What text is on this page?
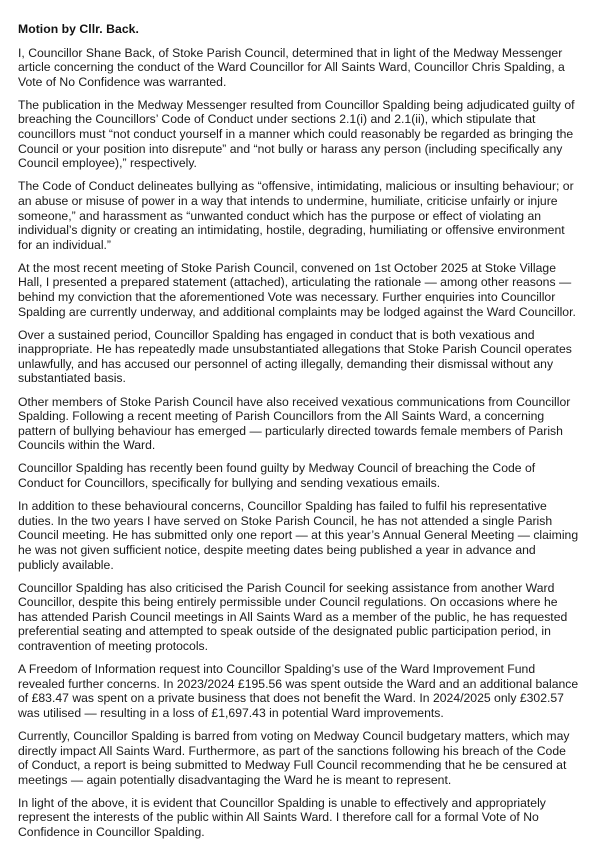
Motion by Cllr. Back.

I, Councillor Shane Back, of Stoke Parish Council, determined that in light of the Medway Messenger article concerning the conduct of the Ward Councillor for All Saints Ward, Councillor Chris Spalding, a Vote of No Confidence was warranted.

The publication in the Medway Messenger resulted from Councillor Spalding being adjudicated guilty of breaching the Councillors’ Code of Conduct under sections 2.1(i) and 2.1(ii), which stipulate that councillors must “not conduct yourself in a manner which could reasonably be regarded as bringing the Council or your position into disrepute” and “not bully or harass any person (including specifically any Council employee),” respectively.

The Code of Conduct delineates bullying as “offensive, intimidating, malicious or insulting behaviour; or an abuse or misuse of power in a way that intends to undermine, humiliate, criticise unfairly or injure someone,” and harassment as “unwanted conduct which has the purpose or effect of violating an individual’s dignity or creating an intimidating, hostile, degrading, humiliating or offensive environment for an individual.”

At the most recent meeting of Stoke Parish Council, convened on 1st October 2025 at Stoke Village Hall, I presented a prepared statement (attached), articulating the rationale — among other reasons — behind my conviction that the aforementioned Vote was necessary. Further enquiries into Councillor Spalding are currently underway, and additional complaints may be lodged against the Ward Councillor.

Over a sustained period, Councillor Spalding has engaged in conduct that is both vexatious and inappropriate. He has repeatedly made unsubstantiated allegations that Stoke Parish Council operates unlawfully, and has accused our personnel of acting illegally, demanding their dismissal without any substantiated basis.

Other members of Stoke Parish Council have also received vexatious communications from Councillor Spalding. Following a recent meeting of Parish Councillors from the All Saints Ward, a concerning pattern of bullying behaviour has emerged — particularly directed towards female members of Parish Councils within the Ward.

Councillor Spalding has recently been found guilty by Medway Council of breaching the Code of Conduct for Councillors, specifically for bullying and sending vexatious emails.

In addition to these behavioural concerns, Councillor Spalding has failed to fulfil his representative duties. In the two years I have served on Stoke Parish Council, he has not attended a single Parish Council meeting. He has submitted only one report — at this year’s Annual General Meeting — claiming he was not given sufficient notice, despite meeting dates being published a year in advance and publicly available.

Councillor Spalding has also criticised the Parish Council for seeking assistance from another Ward Councillor, despite this being entirely permissible under Council regulations. On occasions where he has attended Parish Council meetings in All Saints Ward as a member of the public, he has requested preferential seating and attempted to speak outside of the designated public participation period, in contravention of meeting protocols.

A Freedom of Information request into Councillor Spalding’s use of the Ward Improvement Fund revealed further concerns. In 2023/2024 £195.56 was spent outside the Ward and an additional balance of £83.47 was spent on a private business that does not benefit the Ward. In 2024/2025 only £302.57 was utilised — resulting in a loss of £1,697.43 in potential Ward improvements.

Currently, Councillor Spalding is barred from voting on Medway Council budgetary matters, which may directly impact All Saints Ward. Furthermore, as part of the sanctions following his breach of the Code of Conduct, a report is being submitted to Medway Full Council recommending that he be censured at meetings — again potentially disadvantaging the Ward he is meant to represent.

In light of the above, it is evident that Councillor Spalding is unable to effectively and appropriately represent the interests of the public within All Saints Ward. I therefore call for a formal Vote of No Confidence in Councillor Spalding.
